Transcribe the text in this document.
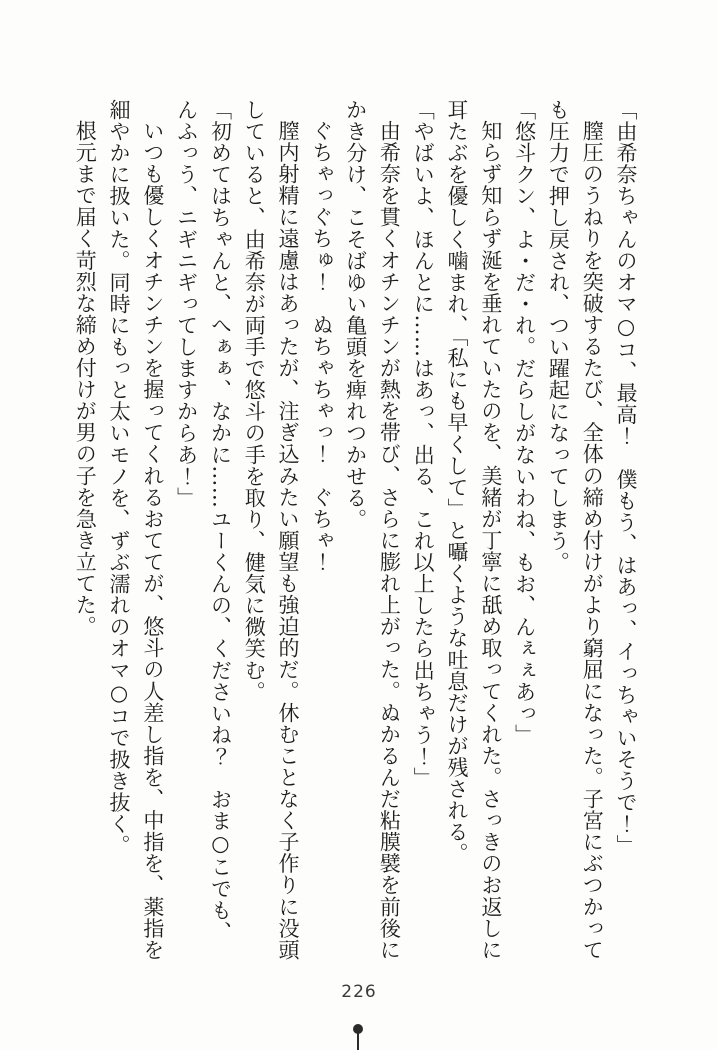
「由希奈ちゃんのオマ○コ、最高！　僕もう、はあっ、イっちゃいそうで！」

膣圧のうねりを突破するたび、全体の締め付けがより窮屈になった。子宮にぶつかっても圧力で押し戻され、つい躍起になってしまう。

「悠斗クン、よ・だ・れ。だらしがないわね、もお、んぇぇあっ」

知らず知らず涎を垂れていたのを、美緒が丁寧に舐め取ってくれた。さっきのお返しに耳たぶを優しく噛まれ、「私にも早くして」と囁くような吐息だけが残される。

「やばいよ、ほんとに……はあっ、出る、これ以上したら出ちゃう！」

由希奈を貫くオチンチンが熱を帯び、さらに膨れ上がった。ぬかるんだ粘膜襞を前後にかき分け、こそばゆい亀頭を痺れつかせる。

ぐちゃっぐちゅ！　ぬちゃちゃっ！　ぐちゃ！

膣内射精に遠慮はあったが、注ぎ込みたい願望も強迫的だ。休むことなく子作りに没頭していると、由希奈が両手で悠斗の手を取り、健気に微笑む。

「初めてはちゃんと、へぁぁ、なかに……ユーくんの、くださいね？　おま○こでも、んふっう、ニギニギってしますからあ！」

いつも優しくオチンチンを握ってくれるおててが、悠斗の人差し指を、中指を、薬指を細やかに扱いた。同時にもっと太いモノを、ずぶ濡れのオマ○コで扱き抜く。

根元まで届く苛烈な締め付けが男の子を急き立てた。

226
